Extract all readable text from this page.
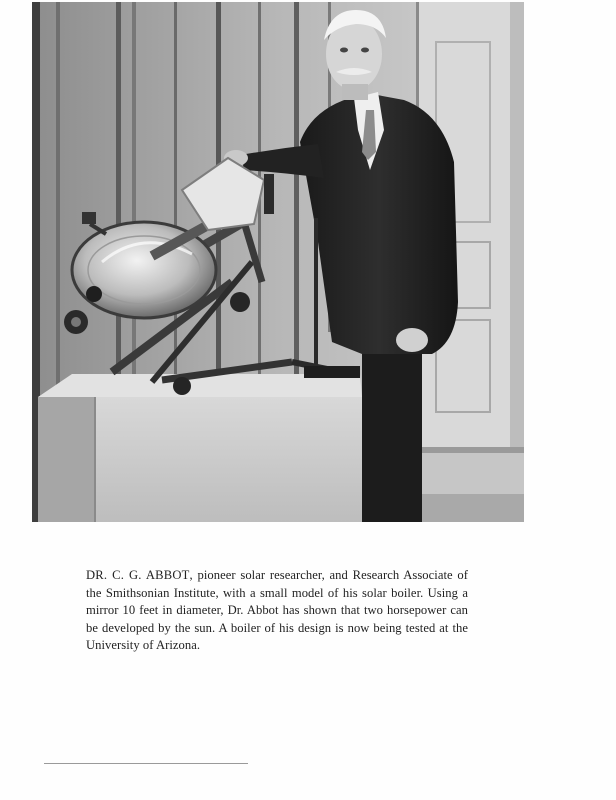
DR. C. G. ABBOT, pioneer solar researcher, and Research Associate of the Smithsonian Institute, with a small model of his solar boiler. Using a mirror 10 feet in diameter, Dr. Abbot has shown that two horsepower can be developed by the sun. A boiler of his design is now being tested at the University of Arizona.
